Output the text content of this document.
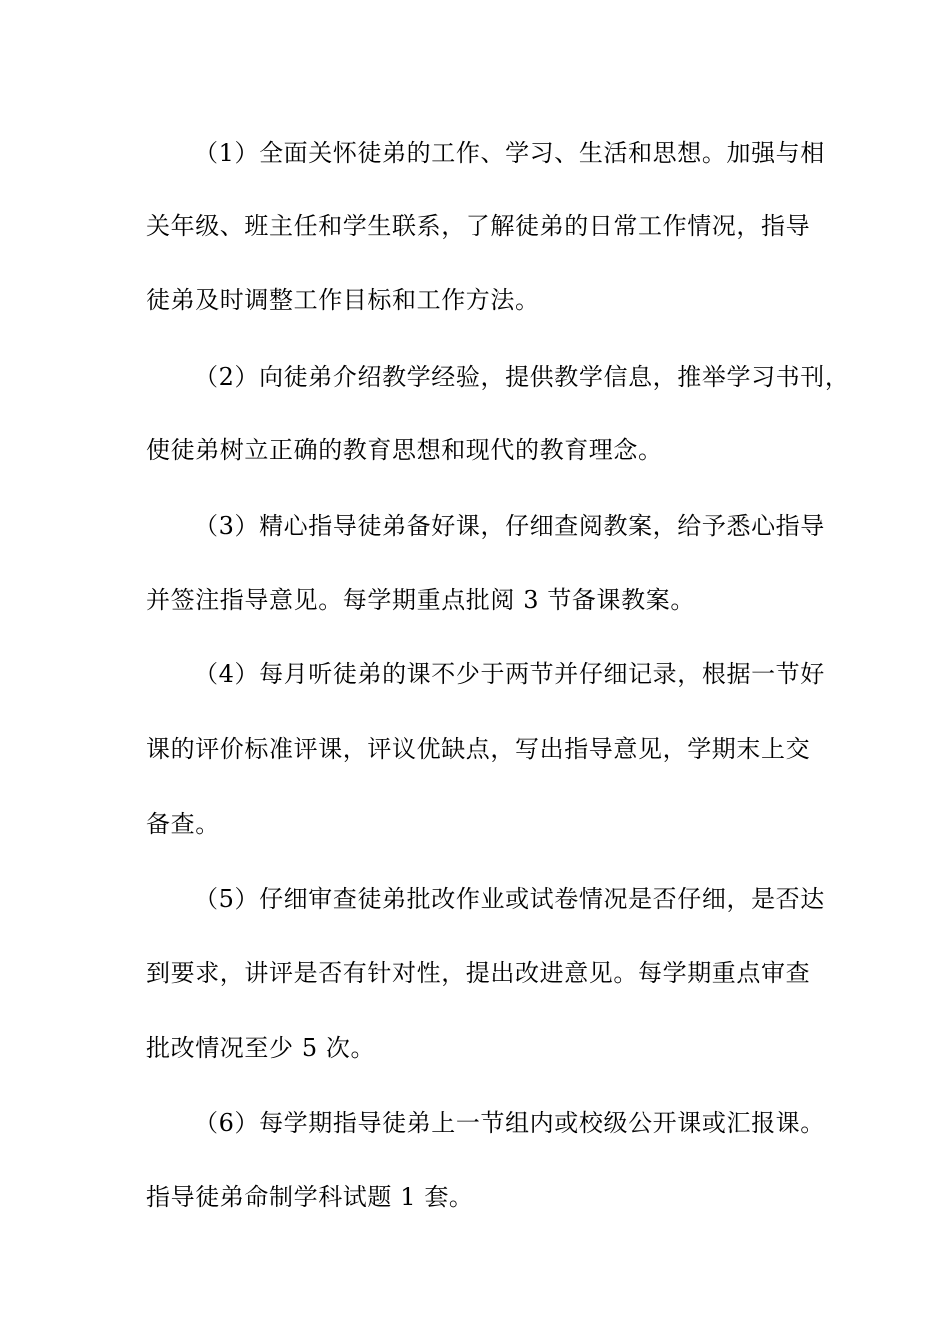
（1）全面关怀徒弟的工作、学习、生活和思想。加强与相
关年级、班主任和学生联系，了解徒弟的日常工作情况，指导
徒弟及时调整工作目标和工作方法。
（2）向徒弟介绍教学经验，提供教学信息，推举学习书刊，
使徒弟树立正确的教育思想和现代的教育理念。
（3）精心指导徒弟备好课，仔细查阅教案，给予悉心指导
并签注指导意见。每学期重点批阅 3 节备课教案。
（4）每月听徒弟的课不少于两节并仔细记录，根据一节好
课的评价标准评课，评议优缺点，写出指导意见，学期末上交
备查。
（5）仔细审查徒弟批改作业或试卷情况是否仔细，是否达
到要求，讲评是否有针对性，提出改进意见。每学期重点审查
批改情况至少 5 次。
（6）每学期指导徒弟上一节组内或校级公开课或汇报课。
指导徒弟命制学科试题 1 套。
